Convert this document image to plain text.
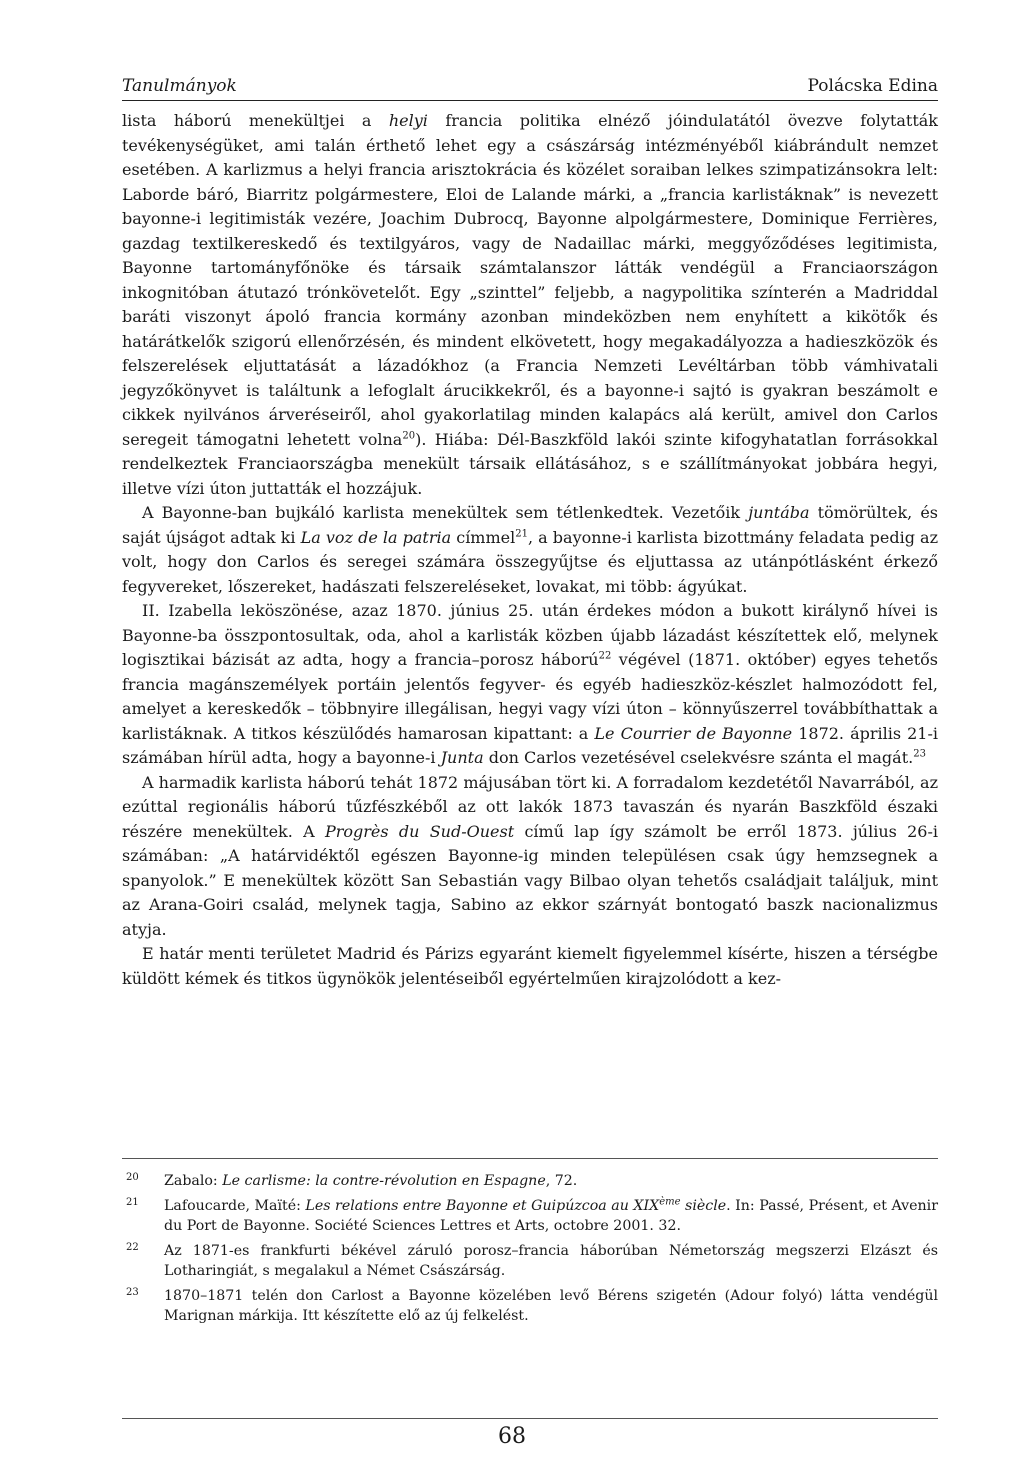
Tanulmányok	Polácska Edina

lista háború menekültjei a helyi francia politika elnéző jóindulatától övezve folytatták tevékenységüket, ami talán érthető lehet egy a császárság intézményéből kiábrándult nemzet esetében. A karlizmus a helyi francia arisztokrácia és közélet soraiban lelkes szimpatizánsokra lelt: Laborde báró, Biarritz polgármestere, Eloi de Lalande márki, a „francia karlistáknak” is nevezett bayonne-i legitimisták vezére, Joachim Dubrocq, Bayonne alpolgármestere, Dominique Ferrières, gazdag textilkereskedő és textilgyáros, vagy de Nadaillac márki, meggyőződéses legitimista, Bayonne tartományfőnöke és társaik számtalanszor látták vendégül a Franciaországon inkognitóban átutazó trónkövetelőt. Egy „szinttel” feljebb, a nagypolitika színterén a Madriddal baráti viszonyt ápoló francia kormány azonban mindeközben nem enyhített a kikötők és határátkelők szigorú ellenőrzésén, és mindent elkövetett, hogy megakadályozza a hadieszközök és felszerelések eljuttatását a lázadókhoz (a Francia Nemzeti Levéltárban több vámhivatali jegyzőkönyvet is találtunk a lefoglalt árucikkekről, és a bayonne-i sajtó is gyakran beszámolt e cikkek nyilvános árveréseiről, ahol gyakorlatilag minden kalapács alá került, amivel don Carlos seregeit támogatni lehetett volna$^{20}$). Hiába: Dél-Baszkföld lakói szinte kifogyhatatlan forrásokkal rendelkeztek Franciaországba menekült társaik ellátásához, s e szállítmányokat jobbára hegyi, illetve vízi úton juttatták el hozzájuk.

A Bayonne-ban bujkáló karlista menekültek sem tétlenkedtek. Vezetőik juntába tömörültek, és saját újságot adtak ki La voz de la patria címmel$^{21}$, a bayonne-i karlista bizottmány feladata pedig az volt, hogy don Carlos és seregei számára összegyűjtse és eljuttassa az utánpótlásként érkező fegyvereket, lőszereket, hadászati felszereléseket, lovakat, mi több: ágyúkat.

II. Izabella leköszönése, azaz 1870. június 25. után érdekes módon a bukott királynő hívei is Bayonne-ba összpontosultak, oda, ahol a karlisták közben újabb lázadást készítettek elő, melynek logisztikai bázisát az adta, hogy a francia–porosz háború$^{22}$ végével (1871. október) egyes tehetős francia magánszemélyek portáin jelentős fegyver- és egyéb hadieszköz-készlet halmozódott fel, amelyet a kereskedők – többnyire illegálisan, hegyi vagy vízi úton – könnyűszerrel továbbíthattak a karlistáknak. A titkos készülődés hamarosan kipattant: a Le Courrier de Bayonne 1872. április 21-i számában hírül adta, hogy a bayonne-i Junta don Carlos vezetésével cselekvésre szánta el magát.$^{23}$

A harmadik karlista háború tehát 1872 májusában tört ki. A forradalom kezdetétől Navarrából, az ezúttal regionális háború tűzfészkéből az ott lakók 1873 tavaszán és nyarán Baszkföld északi részére menekültek. A Progrès du Sud-Ouest című lap így számolt be erről 1873. július 26-i számában: „A határvidéktől egészen Bayonne-ig minden településen csak úgy hemzsegnek a spanyolok.” E menekültek között San Sebastián vagy Bilbao olyan tehetős családjait találjuk, mint az Arana-Goiri család, melynek tagja, Sabino az ekkor szárnyát bontogató baszk nacionalizmus atyja.

E határ menti területet Madrid és Párizs egyaránt kiemelt figyelemmel kísérte, hiszen a térségbe küldött kémek és titkos ügynökök jelentéseiből egyértelműen kirajzolódott a kez-

20	Zabalo: Le carlisme: la contre-révolution en Espagne, 72.
21	Lafoucarde, Maïté: Les relations entre Bayonne et Guipúzcoa au XIXème siècle. In: Passé, Présent, et Avenir du Port de Bayonne. Société Sciences Lettres et Arts, octobre 2001. 32.
22	Az 1871-es frankfurti békével záruló porosz–francia háborúban Németország megszerzi Elzászt és Lotharingiát, s megalakul a Német Császárság.
23	1870–1871 telén don Carlost a Bayonne közelében levő Bérens szigetén (Adour folyó) látta vendégül Marignan márkija. Itt készítette elő az új felkelést.
68
